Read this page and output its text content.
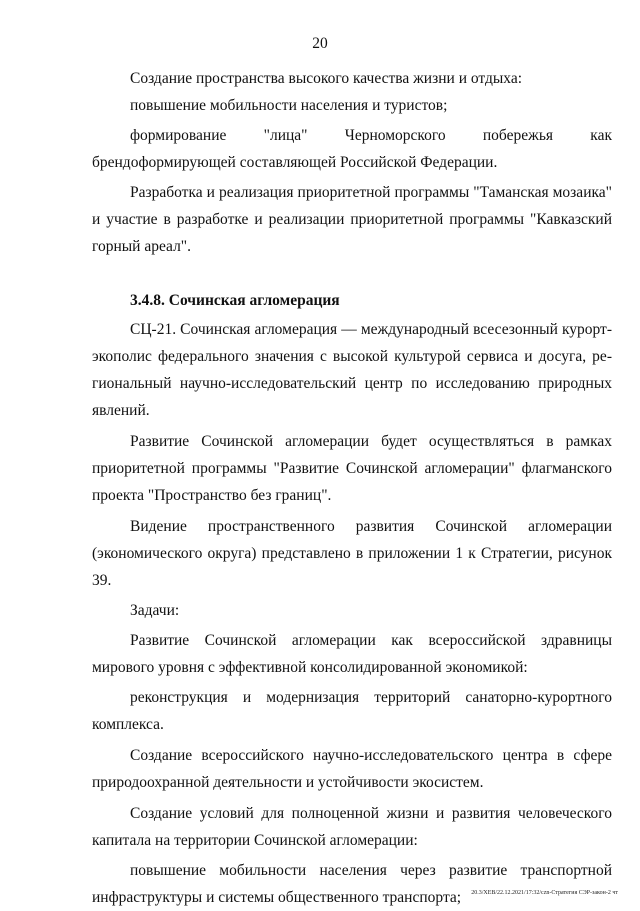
20

Создание пространства высокого качества жизни и отдыха:

повышение мобильности населения и туристов;

формирование "лица" Черноморского побережья как брендоформирующей составляющей Российской Федерации.

Разработка и реализация приоритетной программы "Таманская мозаика" и участие в разработке и реализации приоритетной программы "Кавказский горный ареал".

3.4.8. Сочинская агломерация

СЦ-21. Сочинская агломерация — международный всесезонный курорт-экополис федерального значения с высокой культурой сервиса и досуга, региональный научно-исследовательский центр по исследованию природных явлений.

Развитие Сочинской агломерации будет осуществляться в рамках приоритетной программы "Развитие Сочинской агломерации" флагманского проекта "Пространство без границ".

Видение пространственного развития Сочинской агломерации (экономического округа) представлено в приложении 1 к Стратегии, рисунок 39.

Задачи:

Развитие Сочинской агломерации как всероссийской здравницы мирового уровня с эффективной консолидированной экономикой:

реконструкция и модернизация территорий санаторно-курортного комплекса.

Создание всероссийского научно-исследовательского центра в сфере природоохранной деятельности и устойчивости экосистем.

Создание условий для полноценной жизни и развития человеческого капитала на территории Сочинской агломерации:

повышение мобильности населения через развитие транспортной инфраструктуры и системы общественного транспорта;	20.3/ХЕВ/22.12.2021/17:32/сzn-Стратегия СЭР-закон-2 чт
